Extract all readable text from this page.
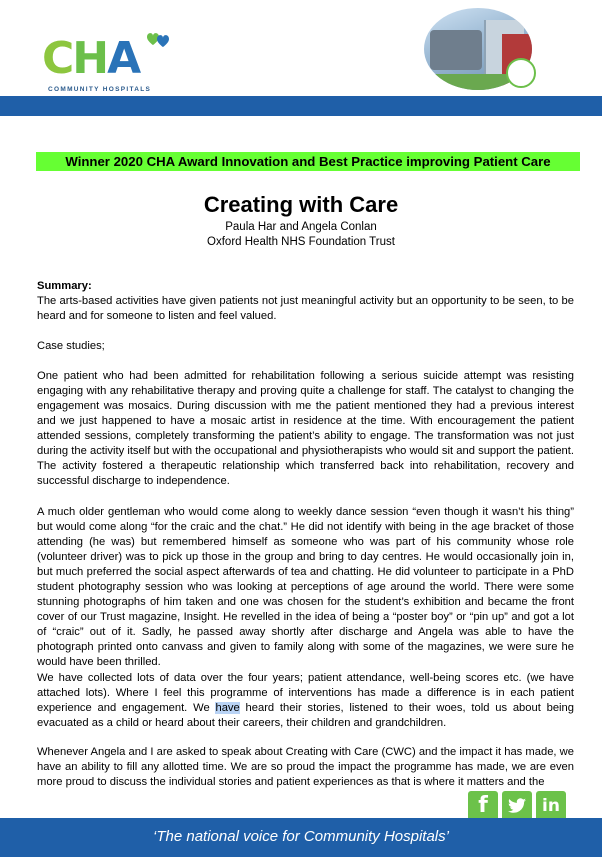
CHA
COMMUNITY HOSPITALS
Winner 2020 CHA Award Innovation and Best Practice improving Patient Care
Creating with Care
Paula Har and Angela Conlan
Oxford Health NHS Foundation Trust
Summary:
The arts-based activities have given patients not just meaningful activity but an opportunity to be seen, to be heard and for someone to listen and feel valued.
Case studies;
One patient who had been admitted for rehabilitation following a serious suicide attempt was resisting engaging with any rehabilitative therapy and proving quite a challenge for staff. The catalyst to changing the engagement was mosaics. During discussion with me the patient mentioned they had a previous interest and we just happened to have a mosaic artist in residence at the time. With encouragement the patient attended sessions, completely transforming the patient’s ability to engage. The transformation was not just during the activity itself but with the occupational and physiotherapists who would sit and support the patient. The activity fostered a therapeutic relationship which transferred back into rehabilitation, recovery and successful discharge to independence.
A much older gentleman who would come along to weekly dance session “even though it wasn’t his thing” but would come along “for the craic and the chat.” He did not identify with being in the age bracket of those attending (he was) but remembered himself as someone who was part of his community whose role (volunteer driver) was to pick up those in the group and bring to day centres. He would occasionally join in, but much preferred the social aspect afterwards of tea and chatting. He did volunteer to participate in a PhD student photography session who was looking at perceptions of age around the world. There were some stunning photographs of him taken and one was chosen for the student’s exhibition and became the front cover of our Trust magazine, Insight. He revelled in the idea of being a “poster boy” or “pin up” and got a lot of “craic” out of it. Sadly, he passed away shortly after discharge and Angela was able to have the photograph printed onto canvass and given to family along with some of the magazines, we were sure he would have been thrilled.
We have collected lots of data over the four years; patient attendance, well-being scores etc. (we have attached lots). Where I feel this programme of interventions has made a difference is in each patient experience and engagement. We have heard their stories, listened to their woes, told us about being evacuated as a child or heard about their careers, their children and grandchildren.
Whenever Angela and I are asked to speak about Creating with Care (CWC) and the impact it has made, we have an ability to fill any allotted time. We are so proud the impact the programme has made, we are even more proud to discuss the individual stories and patient experiences as that is where it matters and the
f	in
‘The national voice for Community Hospitals’
